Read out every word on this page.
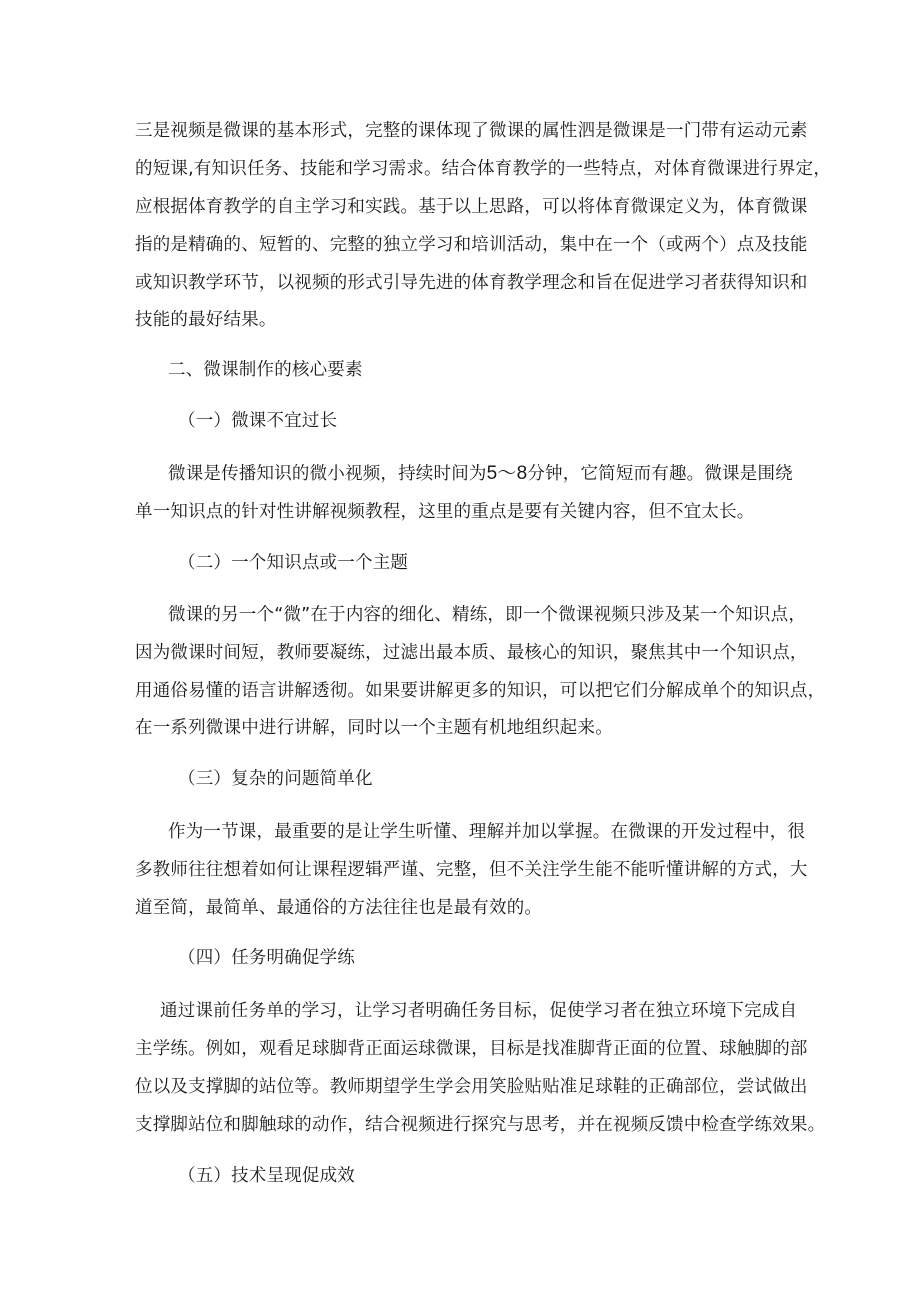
三是视频是微课的基本形式，完整的课体现了微课的属性泗是微课是一门带有运动元素
的短课,有知识任务、技能和学习需求。结合体育教学的一些特点，对体育微课进行界定，
应根据体育教学的自主学习和实践。基于以上思路，可以将体育微课定义为，体育微课
指的是精确的、短暂的、完整的独立学习和培训活动，集中在一个（或两个）点及技能
或知识教学环节，以视频的形式引导先进的体育教学理念和旨在促进学习者获得知识和
技能的最好结果。
二、微课制作的核心要素
（一）微课不宜过长
微课是传播知识的微小视频，持续时间为5～8分钟，它简短而有趣。微课是围绕
单一知识点的针对性讲解视频教程，这里的重点是要有关键内容，但不宜太长。
（二）一个知识点或一个主题
微课的另一个“微”在于内容的细化、精练，即一个微课视频只涉及某一个知识点，
因为微课时间短，教师要凝练，过滤出最本质、最核心的知识，聚焦其中一个知识点，
用通俗易懂的语言讲解透彻。如果要讲解更多的知识，可以把它们分解成单个的知识点，
在一系列微课中进行讲解，同时以一个主题有机地组织起来。
（三）复杂的问题简单化
作为一节课，最重要的是让学生听懂、理解并加以掌握。在微课的开发过程中，很
多教师往往想着如何让课程逻辑严谨、完整，但不关注学生能不能听懂讲解的方式，大
道至简，最简单、最通俗的方法往往也是最有效的。
（四）任务明确促学练
通过课前任务单的学习，让学习者明确任务目标，促使学习者在独立环境下完成自
主学练。例如，观看足球脚背正面运球微课，目标是找准脚背正面的位置、球触脚的部
位以及支撑脚的站位等。教师期望学生学会用笑脸贴贴准足球鞋的正确部位，尝试做出
支撑脚站位和脚触球的动作，结合视频进行探究与思考，并在视频反馈中检查学练效果。
（五）技术呈现促成效
